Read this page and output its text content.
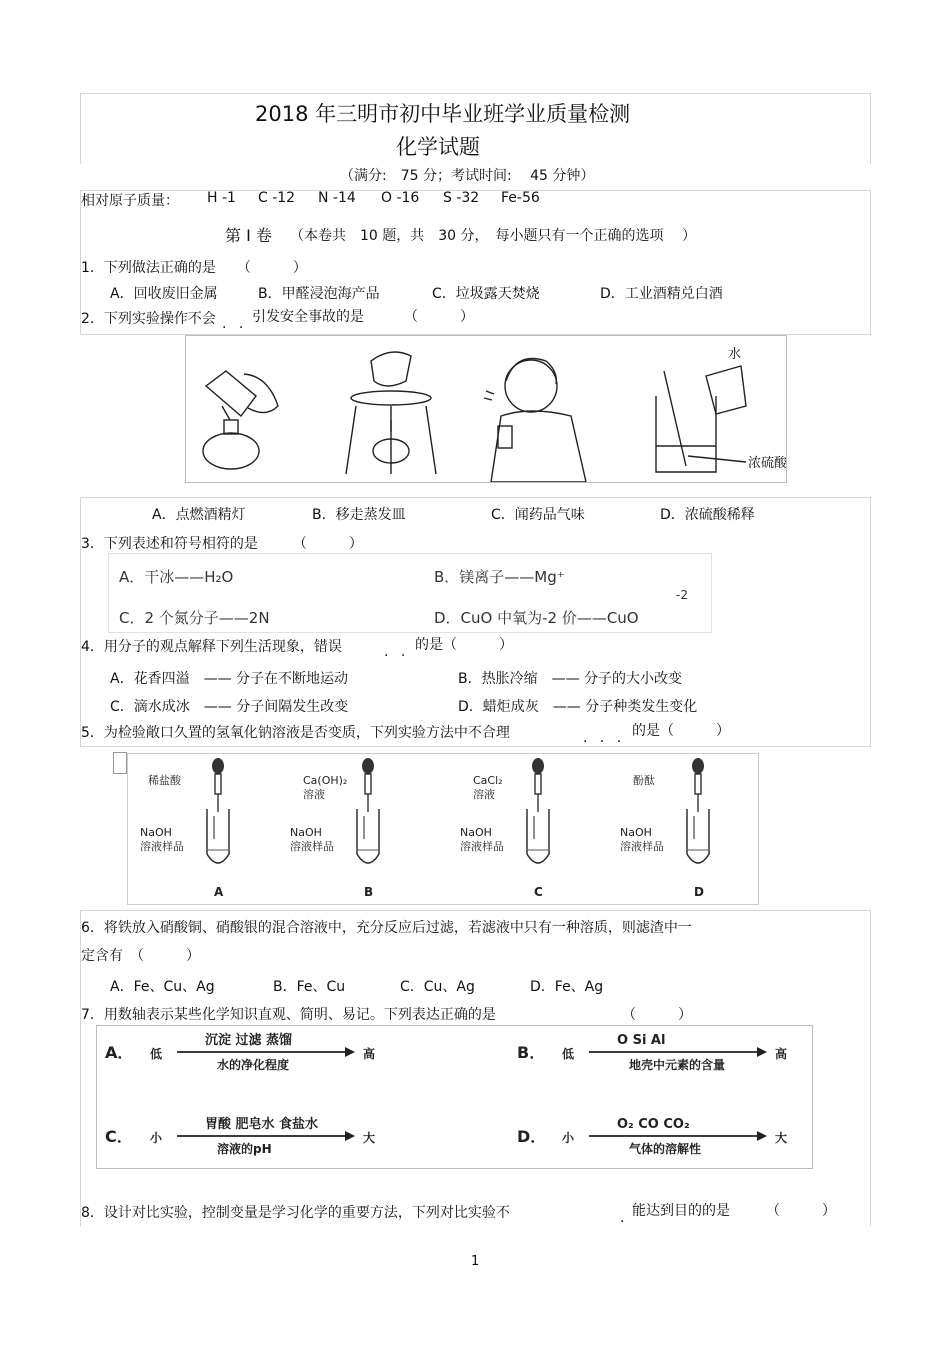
2018 年三明市初中毕业班学业质量检测
化学试题
（满分:　75 分；考试时间:　 45 分钟）
相对原子质量： H -1 C -12 N -14 O -16 S -32 Fe-56
第 Ⅰ 卷 （本卷共　10 题，共　30 分，　每小题只有一个正确的选项　 ）
1．下列做法正确的是　　（　　　）
A．回收废旧金属	B．甲醛浸泡海产品	C．垃圾露天焚烧	D．工业酒精兑白酒
2．下列实验操作不会 . . 引发安全事故的是	（　　　）
水
浓硫酸
A．点燃酒精灯	B．移走蒸发皿	C．闻药品气味	D．浓硫酸稀释
3．下列表述和符号相符的是　　　（　　　）
A．干冰——H₂O	B．镁离子——Mg⁺
C．2 个氮分子——2N
-2
D．CuO 中氧为-2 价——CuO
4．用分子的观点解释下列生活现象，错误	. . 的是（　　　）
A．花香四溢　—— 分子在不断地运动	B．热胀冷缩　—— 分子的大小改变
C．滴水成冰　—— 分子间隔发生改变	D．蜡炬成灰　—— 分子种类发生变化
5．为检验敞口久置的氢氧化钠溶液是否变质，下列实验方法中不合理	. . . 的是（　　　）
稀盐酸
NaOH
溶液样品
A
Ca(OH)₂
溶液
NaOH
溶液样品
B
CaCl₂
溶液
NaOH
溶液样品
C
酚酞
NaOH
溶液样品
D
6．将铁放入硝酸铜、硝酸银的混合溶液中，充分反应后过滤，若滤液中只有一种溶质，则滤渣中一
定含有　（　　　）
A．Fe、Cu、Ag	B．Fe、Cu	C．Cu、Ag	D．Fe、Ag
7．用数轴表示某些化学知识直观、简明、易记。下列表达正确的是	（　　　）
A． 低	高
沉淀 过滤 蒸馏
水的净化程度
B． 低	高
O Si Al
地壳中元素的含量
C． 小	大
胃酸 肥皂水 食盐水
溶液的pH
D． 小	大
O₂ CO CO₂
气体的溶解性
8．设计对比实验，控制变量是学习化学的重要方法，下列对比实验不	. 能达到目的的是	（　　　）
1
